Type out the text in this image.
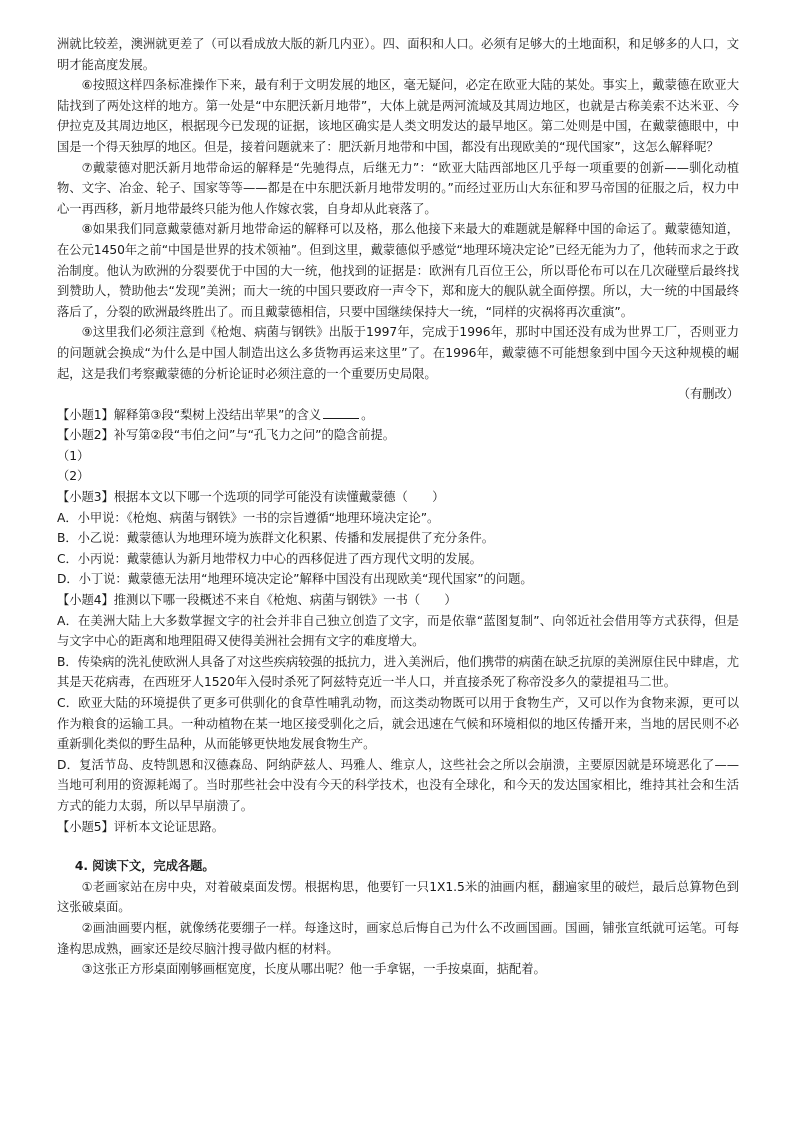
洲就比较差，澳洲就更差了（可以看成放大版的新几内亚）。四、面积和人口。必须有足够大的土地面积，和足够多的人口，文明才能高度发展。

⑥按照这样四条标准操作下来，最有利于文明发展的地区，毫无疑问，必定在欧亚大陆的某处。事实上，戴蒙德在欧亚大陆找到了两处这样的地方。第一处是“中东肥沃新月地带”，大体上就是两河流域及其周边地区，也就是古称美索不达米亚、今伊拉克及其周边地区，根据现今已发现的证据，该地区确实是人类文明发达的最早地区。第二处则是中国，在戴蒙德眼中，中国是一个得天独厚的地区。但是，接着问题就来了：肥沃新月地带和中国，都没有出现欧美的“现代国家”，这怎么解释呢？

⑦戴蒙德对肥沃新月地带命运的解释是“先驰得点，后继无力”：“欧亚大陆西部地区几乎每一项重要的创新——驯化动植物、文字、冶金、轮子、国家等等——都是在中东肥沃新月地带发明的。”而经过亚历山大东征和罗马帝国的征服之后，权力中心一再西移，新月地带最终只能为他人作嫁衣裳，自身却从此衰落了。

⑧如果我们同意戴蒙德对新月地带命运的解释可以及格，那么他接下来最大的难题就是解释中国的命运了。戴蒙德知道，在公元1450年之前“中国是世界的技术领袖”。但到这里，戴蒙德似乎感觉“地理环境决定论”已经无能为力了，他转而求之于政治制度。他认为欧洲的分裂要优于中国的大一统，他找到的证据是：欧洲有几百位王公，所以哥伦布可以在几次碰壁后最终找到赞助人，赞助他去“发现”美洲；而大一统的中国只要政府一声令下，郑和庞大的舰队就全面停摆。所以，大一统的中国最终落后了，分裂的欧洲最终胜出了。而且戴蒙德相信，只要中国继续保持大一统，“同样的灾祸将再次重演”。

⑨这里我们必须注意到《枪炮、病菌与钢铁》出版于1997年，完成于1996年，那时中国还没有成为世界工厂，否则亚力的问题就会换成“为什么是中国人制造出这么多货物再运来这里”了。在1996年，戴蒙德不可能想象到中国今天这种规模的崛起，这是我们考察戴蒙德的分析论证时必须注意的一个重要历史局限。

（有删改）

【小题1】解释第③段“梨树上没结出苹果”的含义	。

【小题2】补写第②段“韦伯之问”与“孔飞力之问”的隐含前提。

（1）

（2）

【小题3】根据本文以下哪一个选项的同学可能没有读懂戴蒙德（　　）

A．小甲说：《枪炮、病菌与钢铁》一书的宗旨遵循“地理环境决定论”。

B．小乙说：戴蒙德认为地理环境为族群文化积累、传播和发展提供了充分条件。

C．小丙说：戴蒙德认为新月地带权力中心的西移促进了西方现代文明的发展。

D．小丁说：戴蒙德无法用“地理环境决定论”解释中国没有出现欧美“现代国家”的问题。

【小题4】推测以下哪一段概述不来自《枪炮、病菌与钢铁》一书（　　）

A．在美洲大陆上大多数掌握文字的社会并非自己独立创造了文字，而是依靠“蓝图复制”、向邻近社会借用等方式获得，但是与文字中心的距离和地理阻碍又使得美洲社会拥有文字的难度增大。

B．传染病的洗礼使欧洲人具备了对这些疾病较强的抵抗力，进入美洲后，他们携带的病菌在缺乏抗原的美洲原住民中肆虐，尤其是天花病毒，在西班牙人1520年入侵时杀死了阿兹特克近一半人口，并直接杀死了称帝没多久的蒙提祖马二世。

C．欧亚大陆的环境提供了更多可供驯化的食草性哺乳动物，而这类动物既可以用于食物生产，又可以作为食物来源，更可以作为粮食的运输工具。一种动植物在某一地区接受驯化之后，就会迅速在气候和环境相似的地区传播开来，当地的居民则不必重新驯化类似的野生品种，从而能够更快地发展食物生产。

D．复活节岛、皮特凯恩和汉德森岛、阿纳萨兹人、玛雅人、维京人，这些社会之所以会崩溃，主要原因就是环境恶化了——当地可利用的资源耗竭了。当时那些社会中没有今天的科学技术，也没有全球化，和今天的发达国家相比，维持其社会和生活方式的能力太弱，所以早早崩溃了。

【小题5】评析本文论证思路。

4. 阅读下文，完成各题。

①老画家站在房中央，对着破桌面发愣。根据构思，他要钉一只1X1.5米的油画内框，翻遍家里的破烂，最后总算物色到这张破桌面。

②画油画要内框，就像绣花要绷子一样。每逢这时，画家总后悔自己为什么不改画国画。国画，铺张宣纸就可运笔。可每逢构思成熟，画家还是绞尽脑汁搜寻做内框的材料。

③这张正方形桌面刚够画框宽度，长度从哪出呢？他一手拿锯，一手按桌面，掂配着。
